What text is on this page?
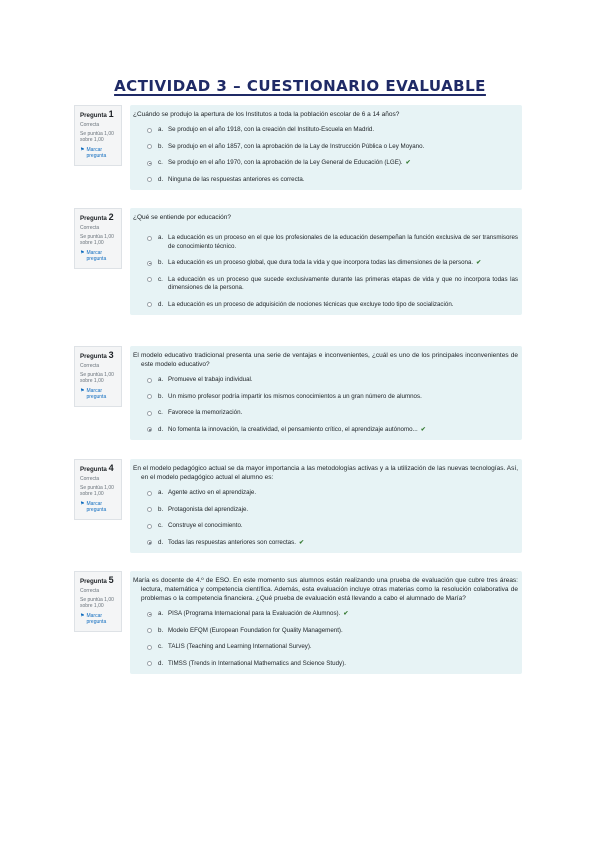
ACTIVIDAD 3 – CUESTIONARIO EVALUABLE
Pregunta 1
Correcta
Se puntúa 1,00
sobre 1,00
⚑ Marcar pregunta
¿Cuándo se produjo la apertura de los Institutos a toda la población escolar de 6 a 14 años?
a. Se produjo en el año 1918, con la creación del Instituto-Escuela en Madrid.
b. Se produjo en el año 1857, con la aprobación de la Lay de Instrucción Pública o Ley Moyano.
c. Se produjo en el año 1970, con la aprobación de la Ley General de Educación (LGE). ✔
d. Ninguna de las respuestas anteriores es correcta.
Pregunta 2
Correcta
Se puntúa 1,00
sobre 1,00
⚑ Marcar pregunta
¿Qué se entiende por educación?
a. La educación es un proceso en el que los profesionales de la educación desempeñan la función exclusiva de ser transmisores de conocimiento técnico.
b. La educación es un proceso global, que dura toda la vida y que incorpora todas las dimensiones de la persona. ✔
c. La educación es un proceso que sucede exclusivamente durante las primeras etapas de vida y que no incorpora todas las dimensiones de la persona.
d. La educación es un proceso de adquisición de nociones técnicas que excluye todo tipo de socialización.
Pregunta 3
Correcta
Se puntúa 1,00
sobre 1,00
⚑ Marcar pregunta
El modelo educativo tradicional presenta una serie de ventajas e inconvenientes, ¿cuál es uno de los principales inconvenientes de este modelo educativo?
a. Promueve el trabajo individual.
b. Un mismo profesor podría impartir los mismos conocimientos a un gran número de alumnos.
c. Favorece la memorización.
d. No fomenta la innovación, la creatividad, el pensamiento crítico, el aprendizaje autónomo... ✔
Pregunta 4
Correcta
Se puntúa 1,00
sobre 1,00
⚑ Marcar pregunta
En el modelo pedagógico actual se da mayor importancia a las metodologías activas y a la utilización de las nuevas tecnologías. Así, en el modelo pedagógico actual el alumno es:
a. Agente activo en el aprendizaje.
b. Protagonista del aprendizaje.
c. Construye el conocimiento.
d. Todas las respuestas anteriores son correctas. ✔
Pregunta 5
Correcta
Se puntúa 1,00
sobre 1,00
⚑ Marcar pregunta
María es docente de 4.º de ESO. En este momento sus alumnos están realizando una prueba de evaluación que cubre tres áreas: lectura, matemática y competencia científica. Además, esta evaluación incluye otras materias como la resolución colaborativa de problemas o la competencia financiera. ¿Qué prueba de evaluación está llevando a cabo el alumnado de María?
a. PISA (Programa Internacional para la Evaluación de Alumnos). ✔
b. Modelo EFQM (European Foundation for Quality Management).
c. TALIS (Teaching and Learning International Survey).
d. TIMSS (Trends in International Mathematics and Science Study).
